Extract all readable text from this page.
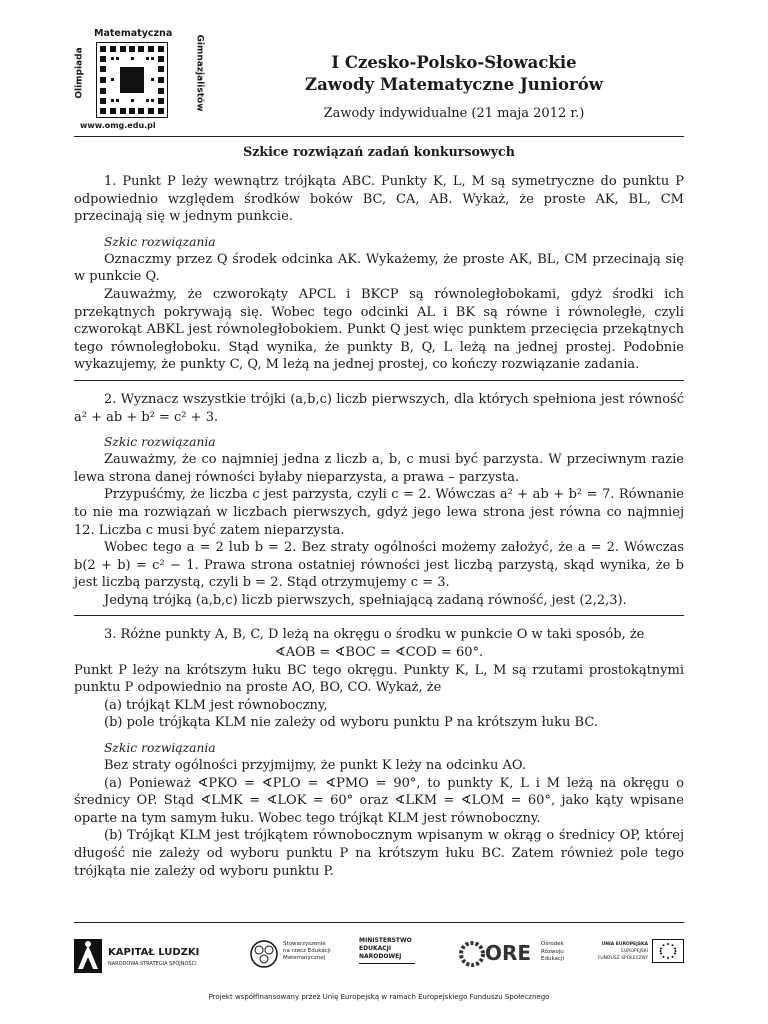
Matematyczna
Olimpiada	Gimnazjalistów
www.omg.edu.pl
I Czesko-Polsko-Słowackie
Zawody Matematyczne Juniorów
Zawody indywidualne (21 maja 2012 r.)
Szkice rozwiązań zadań konkursowych

1. Punkt P leży wewnątrz trójkąta ABC. Punkty K, L, M są symetryczne do punktu P odpowiednio względem środków boków BC, CA, AB. Wykaż, że proste AK, BL, CM przecinają się w jednym punkcie.

Szkic rozwiązania

Oznaczmy przez Q środek odcinka AK. Wykażemy, że proste AK, BL, CM przecinają się w punkcie Q.

Zauważmy, że czworokąty APCL i BKCP są równoległobokami, gdyż środki ich przekątnych pokrywają się. Wobec tego odcinki AL i BK są równe i równoległe, czyli czworokąt ABKL jest równoległobokiem. Punkt Q jest więc punktem przecięcia przekątnych tego równoległoboku. Stąd wynika, że punkty B, Q, L leżą na jednej prostej. Podobnie wykazujemy, że punkty C, Q, M leżą na jednej prostej, co kończy rozwiązanie zadania.

2. Wyznacz wszystkie trójki (a,b,c) liczb pierwszych, dla których spełniona jest równość a² + ab + b² = c² + 3.

Szkic rozwiązania

Zauważmy, że co najmniej jedna z liczb a, b, c musi być parzysta. W przeciwnym razie lewa strona danej równości byłaby nieparzysta, a prawa – parzysta.

Przypuśćmy, że liczba c jest parzysta, czyli c = 2. Wówczas a² + ab + b² = 7. Równanie to nie ma rozwiązań w liczbach pierwszych, gdyż jego lewa strona jest równa co najmniej 12. Liczba c musi być zatem nieparzysta.

Wobec tego a = 2 lub b = 2. Bez straty ogólności możemy założyć, że a = 2. Wówczas b(2 + b) = c² − 1. Prawa strona ostatniej równości jest liczbą parzystą, skąd wynika, że b jest liczbą parzystą, czyli b = 2. Stąd otrzymujemy c = 3.

Jedyną trójką (a,b,c) liczb pierwszych, spełniającą zadaną równość, jest (2,2,3).

3. Różne punkty A, B, C, D leżą na okręgu o środku w punkcie O w taki sposób, że

∢AOB = ∢BOC = ∢COD = 60°.

Punkt P leży na krótszym łuku BC tego okręgu. Punkty K, L, M są rzutami prostokątnymi punktu P odpowiednio na proste AO, BO, CO. Wykaż, że

(a) trójkąt KLM jest równoboczny,

(b) pole trójkąta KLM nie zależy od wyboru punktu P na krótszym łuku BC.

Szkic rozwiązania

Bez straty ogólności przyjmijmy, że punkt K leży na odcinku AO.

(a) Ponieważ ∢PKO = ∢PLO = ∢PMO = 90°, to punkty K, L i M leżą na okręgu o średnicy OP. Stąd ∢LMK = ∢LOK = 60° oraz ∢LKM = ∢LOM = 60°, jako kąty wpisane oparte na tym samym łuku. Wobec tego trójkąt KLM jest równoboczny.

(b) Trójkąt KLM jest trójkątem równobocznym wpisanym w okrąg o średnicy OP, której długość nie zależy od wyboru punktu P na krótszym łuku BC. Zatem również pole tego trójkąta nie zależy od wyboru punktu P.

KAPITAŁ LUDZKI
NARODOWA STRATEGIA SPÓJNOŚCI
Stowarzyszenie
na rzecz Edukacji
Matematycznej
MINISTERSTWO
EDUKACJI
NARODOWEJ	ORE Ośrodek
Rozwoju
Edukacji
UNIA EUROPEJSKA
EUROPEJSKI
FUNDUSZ SPOŁECZNY
Projekt współfinansowany przez Unię Europejską w ramach Europejskiego Funduszu Społecznego
